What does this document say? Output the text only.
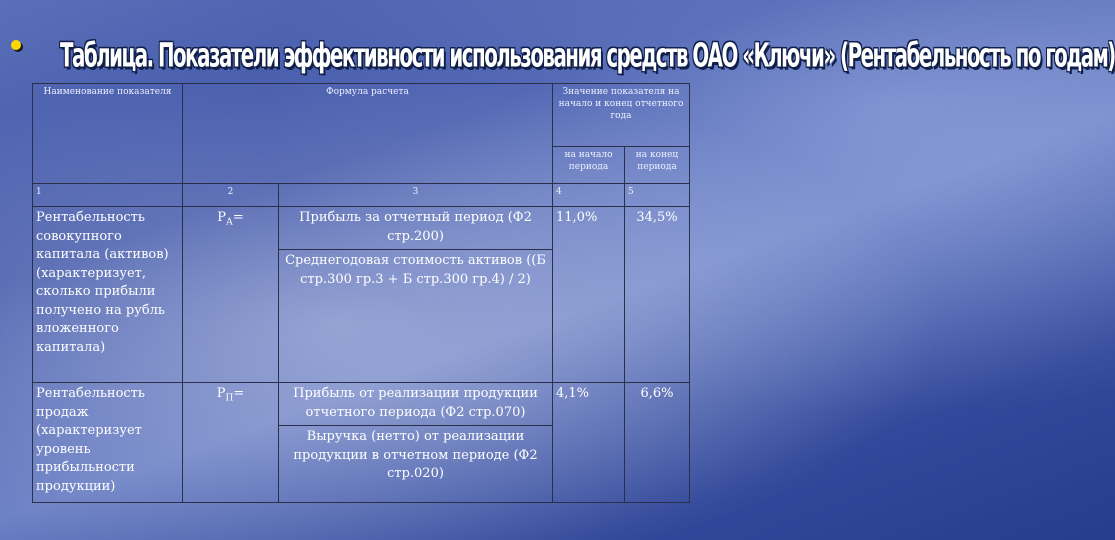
Таблица. Показатели эффективности использования средств ОАО «Ключи» (Рентабельность по годам)
Наименование показателя	Формула расчета		Значение показателя на начало и конец отчетного года	
			на начало периода	на конец периода
1	2	3	4	5
Рентабельность совокупного капитала (активов) (характеризует, сколько прибыли получено на рубль вложенного капитала)	$Р_А=$	Прибыль за отчетный период (Ф2 стр.200)	11,0%	34,5%
		Среднегодовая стоимость активов ((Б стр.300 гр.3 + Б стр.300 гр.4) / 2)		
Рентабельность продаж (характеризует уровень прибыльности продукции)	$Р_П=$	Прибыль от реализации продукции отчетного периода (Ф2 стр.070)	4,1%	6,6%
		Выручка (нетто) от реализации продукции в отчетном периоде (Ф2 стр.020)		
